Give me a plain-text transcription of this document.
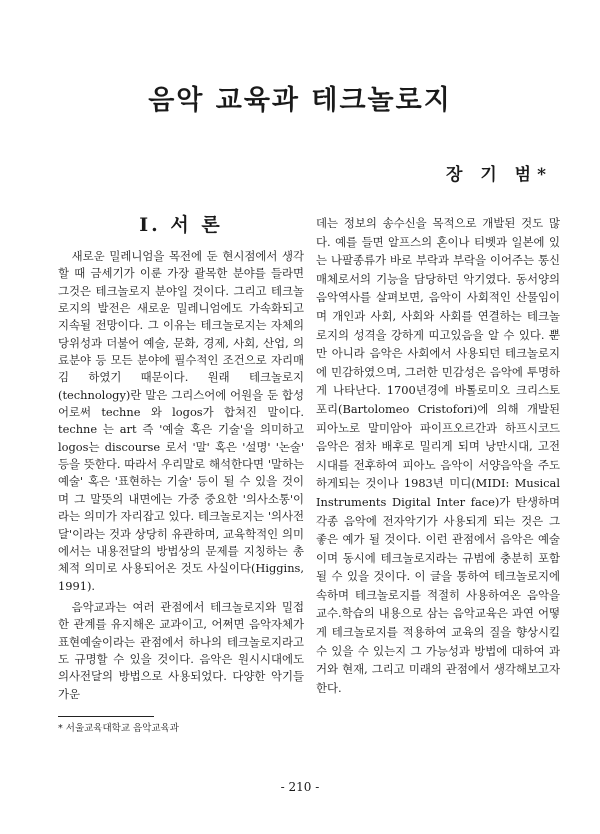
음악 교육과 테크놀로지
장 기 범*
I. 서 론

새로운 밀레니엄을 목전에 둔 현시점에서 생각할 때 금세기가 이룬 가장 괄목한 분야를 들라면 그것은 테크놀로지 분야일 것이다. 그리고 테크놀로지의 발전은 새로운 밀레니엄에도 가속화되고 지속될 전망이다. 그 이유는 테크놀로지는 자체의 당위성과 더불어 예술, 문화, 경제, 사회, 산업, 의료분야 등 모든 분야에 필수적인 조건으로 자리매김 하였기 때문이다. 원래 테크놀로지(technology)란 말은 그리스어에 어원을 둔 합성어로써 techne 와 logos가 합쳐진 말이다. techne 는 art 즉 '예술 혹은 기술'을 의미하고 logos는 discourse 로서 '말' 혹은 '설명' '논술' 등을 뜻한다. 따라서 우리말로 해석한다면 '말하는 예술' 혹은 '표현하는 기술' 등이 될 수 있을 것이며 그 말뜻의 내면에는 가중 중요한 '의사소통'이라는 의미가 자리잡고 있다. 테크놀로지는 '의사전달'이라는 것과 상당히 유관하며, 교육학적인 의미에서는 내용전달의 방법상의 문제를 지칭하는 총체적 의미로 사용되어온 것도 사실이다(Higgins, 1991).

음악교과는 여러 관점에서 테크놀로지와 밀접한 관계를 유지해온 교과이고, 어쩌면 음악자체가 표현예술이라는 관점에서 하나의 테크놀로지라고도 규명할 수 있을 것이다. 음악은 원시시대에도 의사전달의 방법으로 사용되었다. 다양한 악기들 가운

데는 정보의 송수신을 목적으로 개발된 것도 많다. 예를 들면 알프스의 혼이나 티벳과 일본에 있는 나팔종류가 바로 부락과 부락을 이어주는 통신매체로서의 기능을 담당하던 악기였다. 동서양의 음악역사를 살펴보면, 음악이 사회적인 산물임이며 개인과 사회, 사회와 사회를 연결하는 테크놀로지의 성격을 강하게 띠고있음을 알 수 있다. 뿐만 아니라 음악은 사회에서 사용되던 테크놀로지에 민감하였으며, 그러한 민감성은 음악에 투명하게 나타난다. 1700년경에 바톨로미오 크리스토포리(Bartolomeo Cristofori)에 의해 개발된 피아노로 말미암아 파이프오르간과 하프시코드 음악은 점차 배후로 밀리게 되며 낭만시대, 고전 시대를 전후하여 피아노 음악이 서양음악을 주도하게되는 것이나 1983년 미디(MIDI: Musical Instruments Digital Inter face)가 탄생하며 각종 음악에 전자악기가 사용되게 되는 것은 그 좋은 예가 될 것이다. 이런 관점에서 음악은 예술이며 동시에 테크놀로지라는 규범에 충분히 포함 될 수 있을 것이다. 이 글을 통하여 테크놀로지에 속하며 테크놀로지를 적절히 사용하여온 음악을 교수.학습의 내용으로 삼는 음악교육은 과연 어떻게 테크놀로지를 적용하여 교육의 질을 향상시킬 수 있을 수 있는지 그 가능성과 방법에 대하여 과거와 현재, 그리고 미래의 관점에서 생각해보고자 한다.

* 서울교육대학교 음악교육과
- 210 -
